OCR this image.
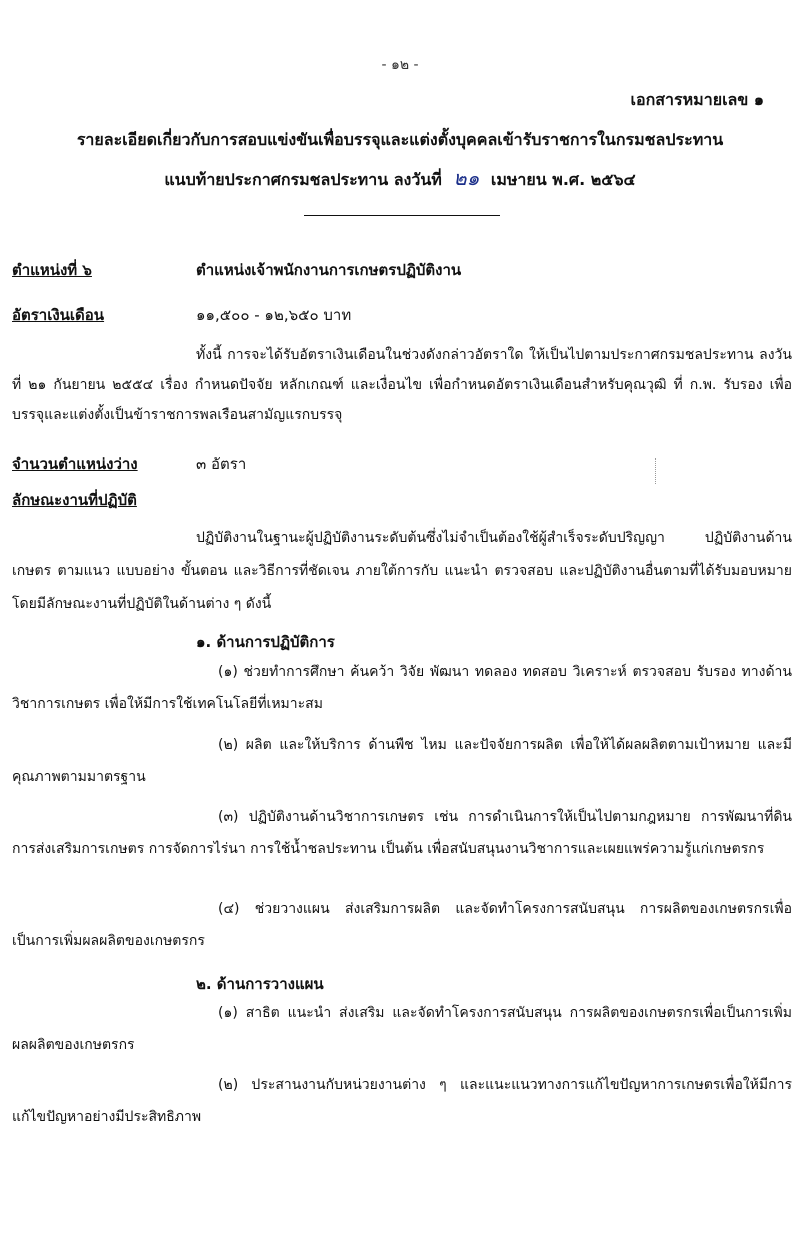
- ๑๒ -
เอกสารหมายเลข ๑
รายละเอียดเกี่ยวกับการสอบแข่งขันเพื่อบรรจุและแต่งตั้งบุคคลเข้ารับราชการในกรมชลประทาน
แนบท้ายประกาศกรมชลประทาน ลงวันที่ ๒๑ เมษายน พ.ศ. ๒๕๖๔
ตำแหน่งที่ ๖	ตำแหน่งเจ้าพนักงานการเกษตรปฏิบัติงาน
อัตราเงินเดือน	๑๑,๕๐๐ - ๑๒,๖๕๐ บาท
ทั้งนี้ การจะได้รับอัตราเงินเดือนในช่วงดังกล่าวอัตราใด ให้เป็นไปตามประกาศกรมชลประทาน ลงวันที่ ๒๑ กันยายน ๒๕๕๔ เรื่อง กำหนดปัจจัย หลักเกณฑ์ และเงื่อนไข เพื่อกำหนดอัตราเงินเดือนสำหรับคุณวุฒิ ที่ ก.พ. รับรอง เพื่อบรรจุและแต่งตั้งเป็นข้าราชการพลเรือนสามัญแรกบรรจุ
จำนวนตำแหน่งว่าง	๓ อัตรา
ลักษณะงานที่ปฏิบัติ
ปฏิบัติงานในฐานะผู้ปฏิบัติงานระดับต้นซึ่งไม่จำเป็นต้องใช้ผู้สำเร็จระดับปริญญา ปฏิบัติงานด้านเกษตร ตามแนว แบบอย่าง ขั้นตอน และวิธีการที่ชัดเจน ภายใต้การกับ แนะนำ ตรวจสอบ และปฏิบัติงานอื่นตามที่ได้รับมอบหมาย โดยมีลักษณะงานที่ปฏิบัติในด้านต่าง ๆ ดังนี้
๑. ด้านการปฏิบัติการ
(๑) ช่วยทำการศึกษา ค้นคว้า วิจัย พัฒนา ทดลอง ทดสอบ วิเคราะห์ ตรวจสอบ รับรอง ทางด้านวิชาการเกษตร เพื่อให้มีการใช้เทคโนโลยีที่เหมาะสม
(๒) ผลิต และให้บริการ ด้านพืช ไหม และปัจจัยการผลิต เพื่อให้ได้ผลผลิตตามเป้าหมาย และมีคุณภาพตามมาตรฐาน
(๓) ปฏิบัติงานด้านวิชาการเกษตร เช่น การดำเนินการให้เป็นไปตามกฎหมาย การพัฒนาที่ดิน การส่งเสริมการเกษตร การจัดการไร่นา การใช้น้ำชลประทาน เป็นต้น เพื่อสนับสนุนงานวิชาการและเผยแพร่ความรู้แก่เกษตรกร
(๔) ช่วยวางแผน ส่งเสริมการผลิต และจัดทำโครงการสนับสนุน การผลิตของเกษตรกรเพื่อเป็นการเพิ่มผลผลิตของเกษตรกร
๒. ด้านการวางแผน
(๑) สาธิต แนะนำ ส่งเสริม และจัดทำโครงการสนับสนุน การผลิตของเกษตรกรเพื่อเป็นการเพิ่มผลผลิตของเกษตรกร
(๒) ประสานงานกับหน่วยงานต่าง ๆ และแนะแนวทางการแก้ไขปัญหาการเกษตรเพื่อให้มีการแก้ไขปัญหาอย่างมีประสิทธิภาพ
